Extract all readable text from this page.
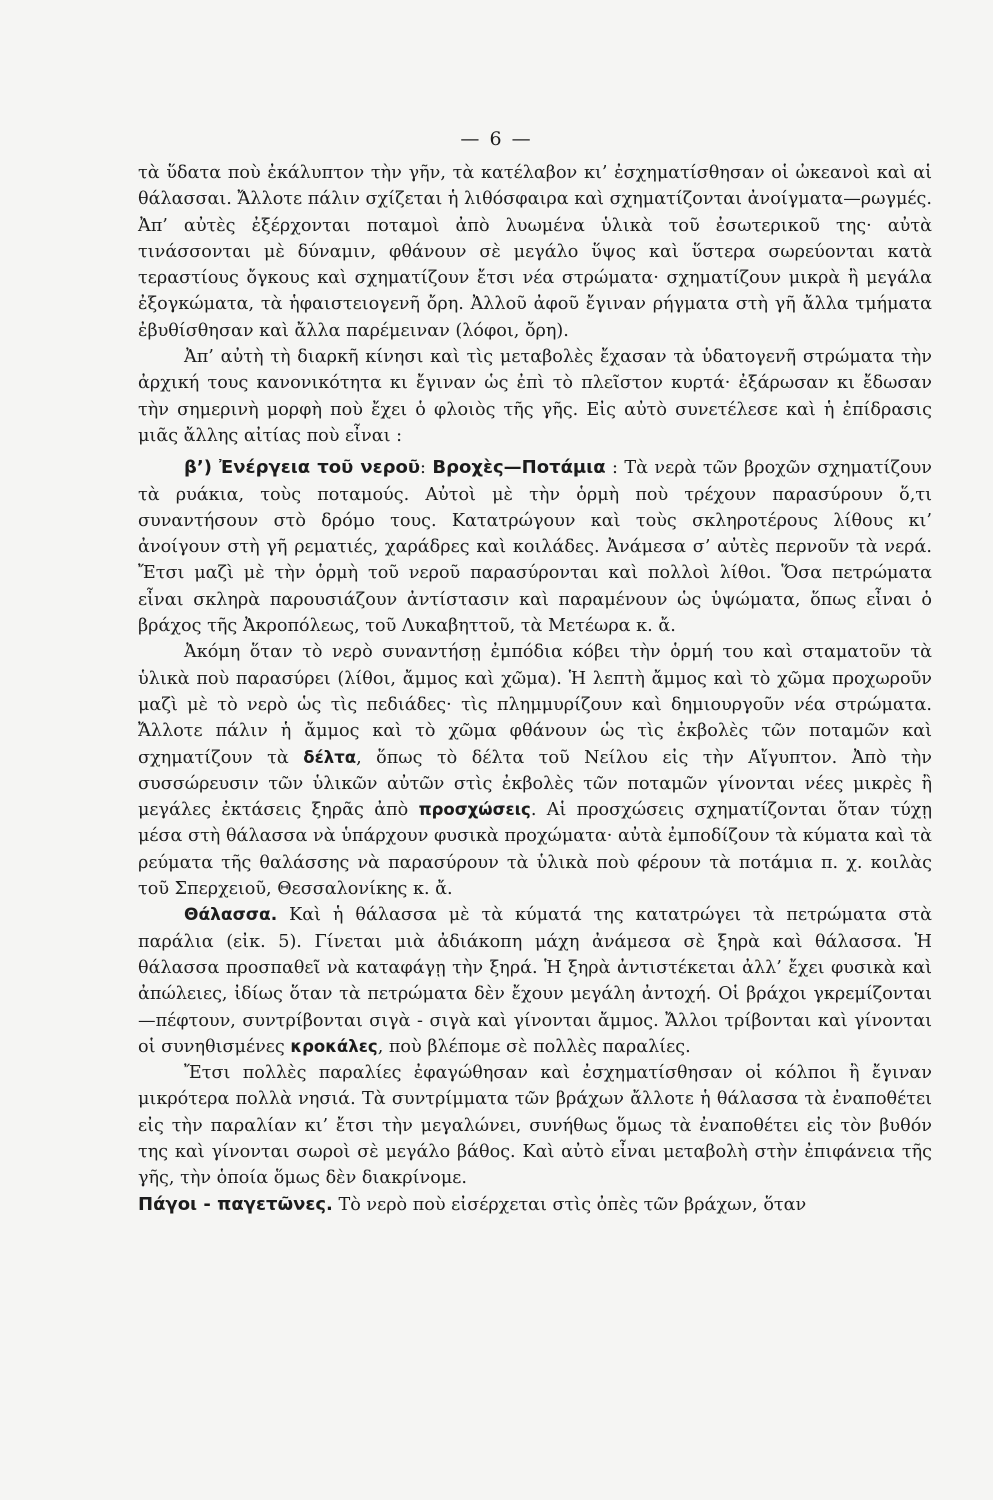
— 6 —

τὰ ὕδατα ποὺ ἐκάλυπτον τὴν γῆν, τὰ κατέλαβον κι’ ἐσχηματίσθησαν οἱ ὠκεανοὶ καὶ αἱ θάλασσαι. Ἄλλοτε πάλιν σχίζεται ἡ λιθόσφαιρα καὶ σχηματίζονται ἀνοίγματα—ρωγμές. Ἀπ’ αὐτὲς ἐξέρχονται ποταμοὶ ἀπὸ λυωμένα ὑλικὰ τοῦ ἐσωτερικοῦ της· αὐτὰ τινάσσονται μὲ δύναμιν, φθάνουν σὲ μεγάλο ὕψος καὶ ὕστερα σωρεύονται κατὰ τεραστίους ὄγκους καὶ σχηματίζουν ἔτσι νέα στρώματα· σχηματίζουν μικρὰ ἢ μεγάλα ἐξογκώματα, τὰ ἡφαιστειογενῆ ὄρη. Ἀλλοῦ ἀφοῦ ἔγιναν ρήγματα στὴ γῆ ἄλλα τμήματα ἐβυθίσθησαν καὶ ἄλλα παρέμειναν (λόφοι, ὄρη).

Ἀπ’ αὐτὴ τὴ διαρκῆ κίνησι καὶ τὶς μεταβολὲς ἔχασαν τὰ ὑδατογενῆ στρώματα τὴν ἀρχική τους κανονικότητα κι ἔγιναν ὡς ἐπὶ τὸ πλεῖστον κυρτά· ἐξάρωσαν κι ἔδωσαν τὴν σημερινὴ μορφὴ ποὺ ἔχει ὁ φλοιὸς τῆς γῆς. Εἰς αὐτὸ συνετέλεσε καὶ ἡ ἐπίδρασις μιᾶς ἄλλης αἰτίας ποὺ εἶναι :

β’) Ἐνέργεια τοῦ νεροῦ: Βροχὲς—Ποτάμια : Τὰ νερὰ τῶν βροχῶν σχηματίζουν τὰ ρυάκια, τοὺς ποταμούς. Αὐτοὶ μὲ τὴν ὁρμὴ ποὺ τρέχουν παρασύρουν ὅ,τι συναντήσουν στὸ δρόμο τους. Κατατρώγουν καὶ τοὺς σκληροτέρους λίθους κι’ ἀνοίγουν στὴ γῆ ρεματιές, χαράδρες καὶ κοιλάδες. Ἀνάμεσα σ’ αὐτὲς περνοῦν τὰ νερά. Ἔτσι μαζὶ μὲ τὴν ὁρμὴ τοῦ νεροῦ παρασύρονται καὶ πολλοὶ λίθοι. Ὅσα πετρώματα εἶναι σκληρὰ παρουσιάζουν ἀντίστασιν καὶ παραμένουν ὡς ὑψώματα, ὅπως εἶναι ὁ βράχος τῆς Ἀκροπόλεως, τοῦ Λυκαβηττοῦ, τὰ Μετέωρα κ. ἄ.

Ἀκόμη ὅταν τὸ νερὸ συναντήσῃ ἐμπόδια κόβει τὴν ὁρμή του καὶ σταματοῦν τὰ ὑλικὰ ποὺ παρασύρει (λίθοι, ἄμμος καὶ χῶμα). Ἡ λεπτὴ ἄμμος καὶ τὸ χῶμα προχωροῦν μαζὶ μὲ τὸ νερὸ ὡς τὶς πεδιάδες· τὶς πλημμυρίζουν καὶ δημιουργοῦν νέα στρώματα. Ἄλλοτε πάλιν ἡ ἄμμος καὶ τὸ χῶμα φθάνουν ὡς τὶς ἐκβολὲς τῶν ποταμῶν καὶ σχηματίζουν τὰ δέλτα, ὅπως τὸ δέλτα τοῦ Νείλου εἰς τὴν Αἴγυπτον. Ἀπὸ τὴν συσσώρευσιν τῶν ὑλικῶν αὐτῶν στὶς ἐκβολὲς τῶν ποταμῶν γίνονται νέες μικρὲς ἢ μεγάλες ἐκτάσεις ξηρᾶς ἀπὸ προσχώσεις. Αἱ προσχώσεις σχηματίζονται ὅταν τύχῃ μέσα στὴ θάλασσα νὰ ὑπάρχουν φυσικὰ προχώματα· αὐτὰ ἐμποδίζουν τὰ κύματα καὶ τὰ ρεύματα τῆς θαλάσσης νὰ παρασύρουν τὰ ὑλικὰ ποὺ φέρουν τὰ ποτάμια π. χ. κοιλὰς τοῦ Σπερχειοῦ, Θεσσαλονίκης κ. ἄ.

Θάλασσα. Καὶ ἡ θάλασσα μὲ τὰ κύματά της κατατρώγει τὰ πετρώματα στὰ παράλια (εἰκ. 5). Γίνεται μιὰ ἀδιάκοπη μάχη ἀνάμεσα σὲ ξηρὰ καὶ θάλασσα. Ἡ θάλασσα προσπαθεῖ νὰ καταφάγῃ τὴν ξηρά. Ἡ ξηρὰ ἀντιστέκεται ἀλλ’ ἔχει φυσικὰ καὶ ἀπώλειες, ἰδίως ὅταν τὰ πετρώματα δὲν ἔχουν μεγάλη ἀντοχή. Οἱ βράχοι γκρεμίζονται—πέφτουν, συντρίβονται σιγὰ - σιγὰ καὶ γίνονται ἄμμος. Ἄλλοι τρίβονται καὶ γίνονται οἱ συνηθισμένες κροκάλες, ποὺ βλέπομε σὲ πολλὲς παραλίες.

Ἔτσι πολλὲς παραλίες ἐφαγώθησαν καὶ ἐσχηματίσθησαν οἱ κόλποι ἢ ἔγιναν μικρότερα πολλὰ νησιά. Τὰ συντρίμματα τῶν βράχων ἄλλοτε ἡ θάλασσα τὰ ἐναποθέτει εἰς τὴν παραλίαν κι’ ἔτσι τὴν μεγαλώνει, συνήθως ὅμως τὰ ἐναποθέτει εἰς τὸν βυθόν της καὶ γίνονται σωροὶ σὲ μεγάλο βάθος. Καὶ αὐτὸ εἶναι μεταβολὴ στὴν ἐπιφάνεια τῆς γῆς, τὴν ὁποία ὅμως δὲν διακρίνομε.

Πάγοι - παγετῶνες. Τὸ νερὸ ποὺ εἰσέρχεται στὶς ὀπὲς τῶν βράχων, ὅταν
